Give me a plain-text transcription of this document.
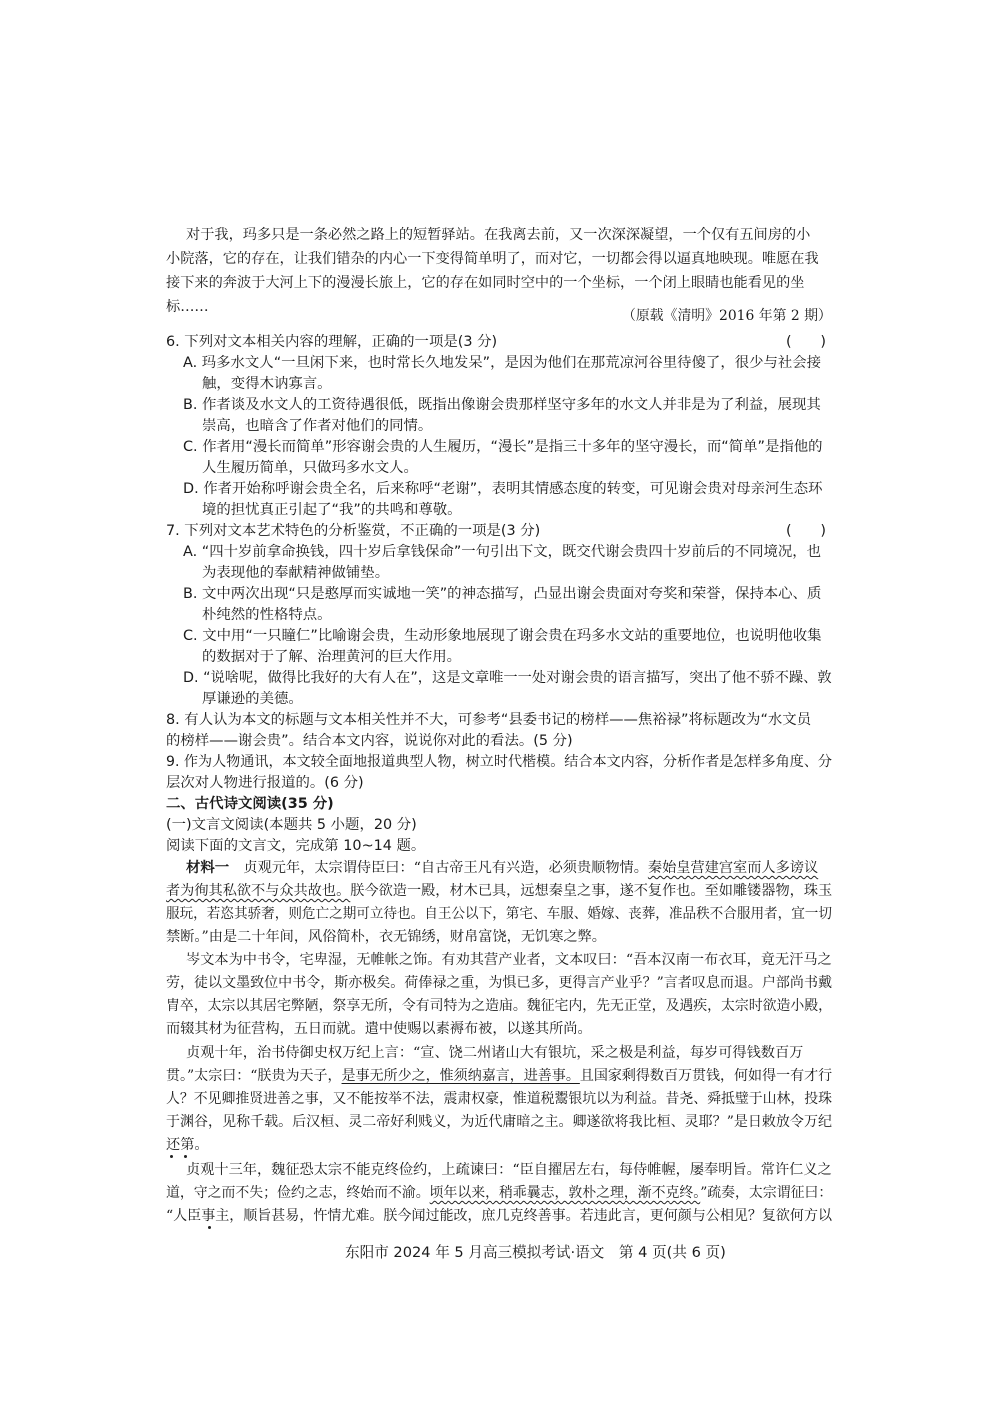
对于我，玛多只是一条必然之路上的短暂驿站。在我离去前，又一次深深凝望，一个仅有五间房的小
小院落，它的存在，让我们错杂的内心一下变得简单明了，而对它，一切都会得以逼真地映现。唯愿在我
接下来的奔波于大河上下的漫漫长旅上，它的存在如同时空中的一个坐标，一个闭上眼睛也能看见的坐
标……
（原载《清明》2016 年第 2 期）
6. 下列对文本相关内容的理解，正确的一项是(3 分)	(　　)
A. 玛多水文人“一旦闲下来，也时常长久地发呆”，是因为他们在那荒凉河谷里待傻了，很少与社会接
触，变得木讷寡言。
B. 作者谈及水文人的工资待遇很低，既指出像谢会贵那样坚守多年的水文人并非是为了利益，展现其
崇高，也暗含了作者对他们的同情。
C. 作者用“漫长而简单”形容谢会贵的人生履历，“漫长”是指三十多年的坚守漫长，而“简单”是指他的
人生履历简单，只做玛多水文人。
D. 作者开始称呼谢会贵全名，后来称呼“老谢”，表明其情感态度的转变，可见谢会贵对母亲河生态环
境的担忧真正引起了“我”的共鸣和尊敬。
7. 下列对文本艺术特色的分析鉴赏，不正确的一项是(3 分)	(　　)
A. “四十岁前拿命换钱，四十岁后拿钱保命”一句引出下文，既交代谢会贵四十岁前后的不同境况，也
为表现他的奉献精神做铺垫。
B. 文中两次出现“只是憨厚而实诚地一笑”的神态描写，凸显出谢会贵面对夸奖和荣誉，保持本心、质
朴纯然的性格特点。
C. 文中用“一只瞳仁”比喻谢会贵，生动形象地展现了谢会贵在玛多水文站的重要地位，也说明他收集
的数据对于了解、治理黄河的巨大作用。
D. “说啥呢，做得比我好的大有人在”，这是文章唯一一处对谢会贵的语言描写，突出了他不骄不躁、敦
厚谦逊的美德。
8. 有人认为本文的标题与文本相关性并不大，可参考“县委书记的榜样——焦裕禄”将标题改为“水文员
的榜样——谢会贵”。结合本文内容，说说你对此的看法。(5 分)
9. 作为人物通讯，本文较全面地报道典型人物，树立时代楷模。结合本文内容，分析作者是怎样多角度、分
层次对人物进行报道的。(6 分)
二、古代诗文阅读(35 分)
(一)文言文阅读(本题共 5 小题，20 分)
阅读下面的文言文，完成第 10~14 题。
材料一　 贞观元年，太宗谓侍臣曰：“自古帝王凡有兴造，必须贵顺物情。秦始皇营建宫室而人多谤议
者为徇其私欲不与众共故也。朕今欲造一殿，材木已具，远想秦皇之事，遂不复作也。至如雕镂器物，珠玉
服玩，若恣其骄奢，则危亡之期可立待也。自王公以下，第宅、车服、婚嫁、丧葬，准品秩不合服用者，宜一切
禁断。”由是二十年间，风俗简朴，衣无锦绣，财帛富饶，无饥寒之弊。
岑文本为中书令，宅卑湿，无帷帐之饰。有劝其营产业者，文本叹曰：“吾本汉南一布衣耳，竟无汗马之
劳，徒以文墨致位中书令，斯亦极矣。荷俸禄之重，为惧已多，更得言产业乎？”言者叹息而退。户部尚书戴
胄卒，太宗以其居宅弊陋，祭享无所，令有司特为之造庙。魏征宅内，先无正堂，及遇疾，太宗时欲造小殿，
而辍其材为征营构，五日而就。遣中使赐以素褥布被，以遂其所尚。
贞观十年，治书侍御史权万纪上言：“宣、饶二州诸山大有银坑，采之极是利益，每岁可得钱数百万
贯。”太宗曰：“朕贵为天子，是事无所少之，惟须纳嘉言，进善事。且国家剩得数百万贯钱，何如得一有才行
人？不见卿推贤进善之事，又不能按举不法，震肃权豪，惟道税鬻银坑以为利益。昔尧、舜抵璧于山林，投珠
于渊谷，见称千载。后汉桓、灵二帝好利贱义，为近代庸暗之主。卿遂欲将我比桓、灵耶？”是日敕放令万纪
还第。
贞观十三年，魏征恐太宗不能克终俭约，上疏谏曰：“臣自擢居左右，每侍帷幄，屡奉明旨。常许仁义之
道，守之而不失；俭约之志，终始而不渝。顷年以来，稍乖曩志，敦朴之理，渐不克终。”疏奏，太宗谓征曰：
“人臣事主，顺旨甚易，忤情尤难。朕今闻过能改，庶几克终善事。若违此言，更何颜与公相见？复欲何方以
东阳市 2024 年 5 月高三模拟考试·语文　第 4 页(共 6 页)
